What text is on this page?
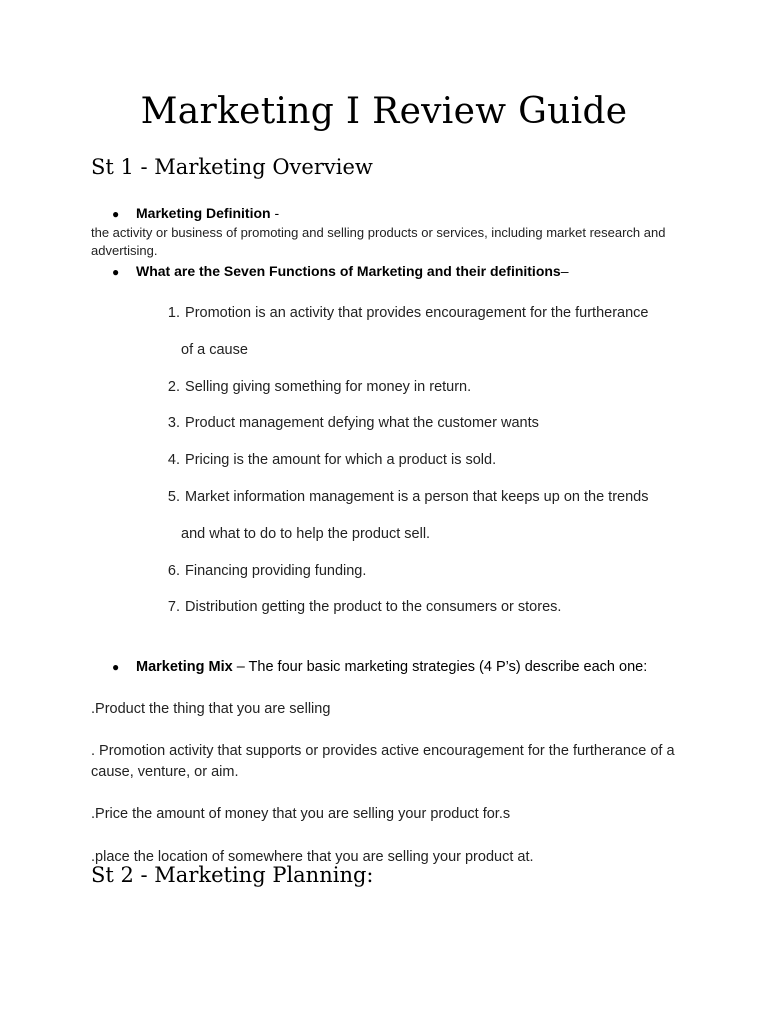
Marketing I Review Guide
St 1 - Marketing Overview
● Marketing Definition -
the activity or business of promoting and selling products or services, including market research and advertising.
● What are the Seven Functions of Marketing and their definitions–
1. Promotion is an activity that provides encouragement for the furtherance
of a cause
2. Selling giving something for money in return.
3. Product management defying what the customer wants
4. Pricing is the amount for which a product is sold.
5. Market information management is a person that keeps up on the trends
and what to do to help the product sell.
6. Financing providing funding.
7. Distribution getting the product to the consumers or stores.
● Marketing Mix – The four basic marketing strategies (4 P’s) describe each one:
.Product the thing that you are selling
. Promotion activity that supports or provides active encouragement for the furtherance of a cause, venture, or aim.
.Price the amount of money that you are selling your product for.s
.place the location of somewhere that you are selling your product at.
St 2 - Marketing Planning:
